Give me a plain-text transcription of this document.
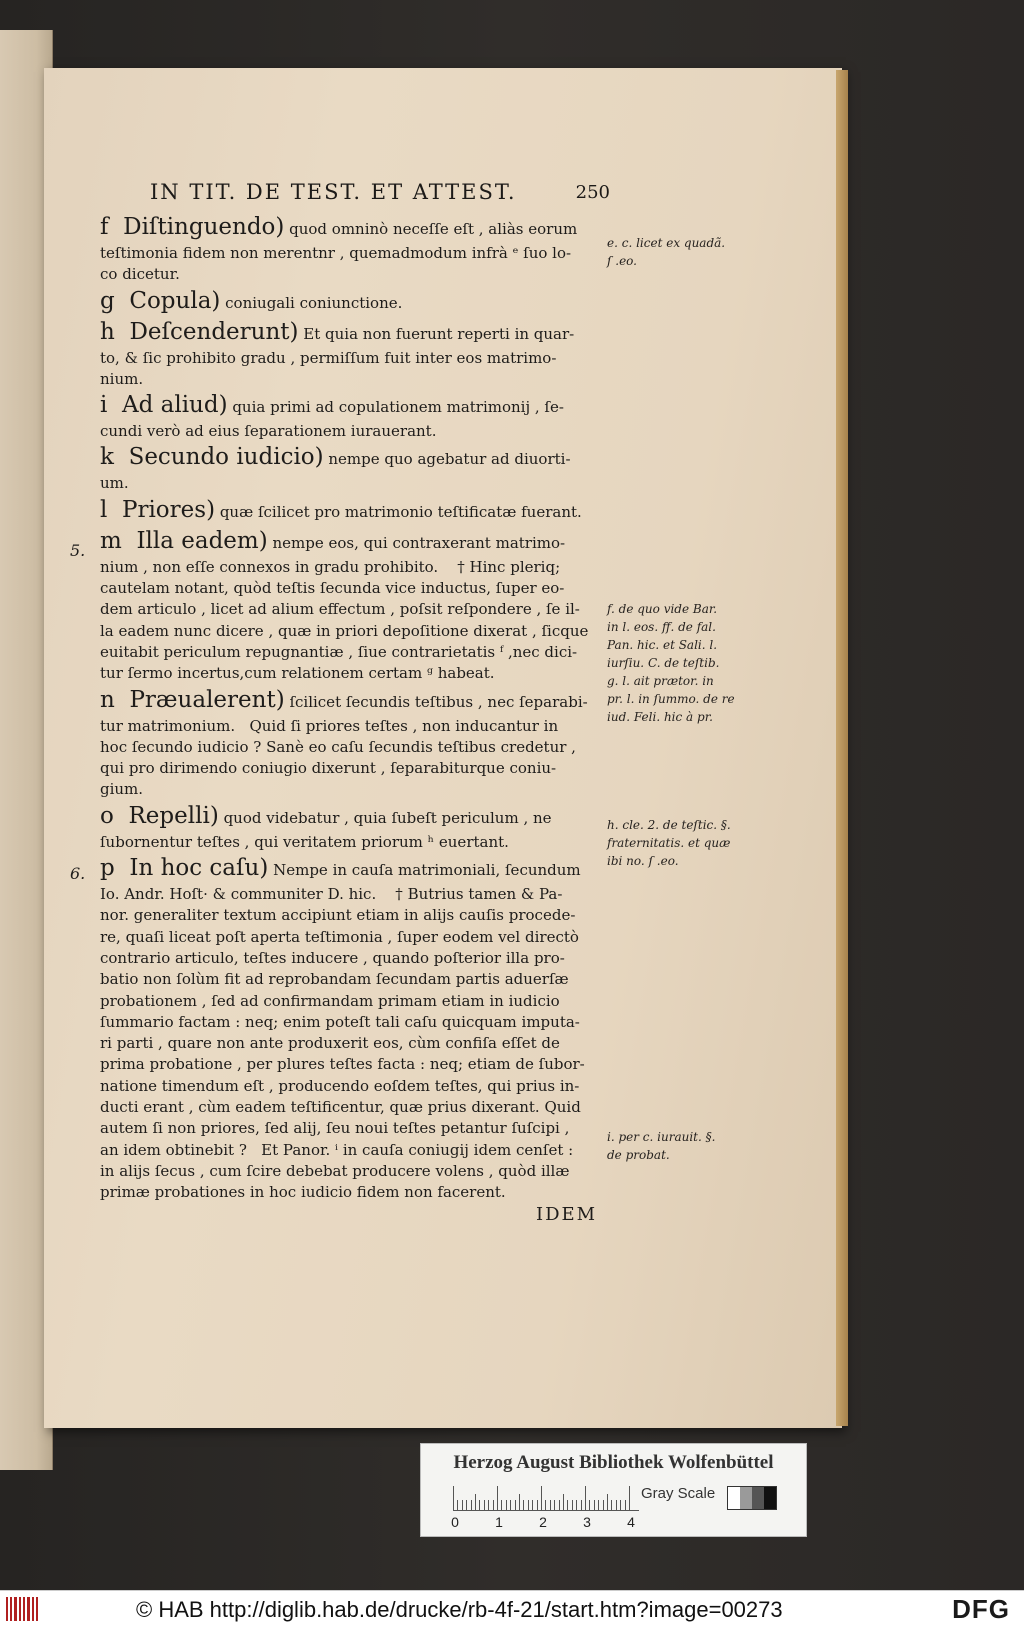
IN TIT. DE TEST. ET ATTEST.	250
f Diſtinguendo) quod omninò neceſſe eſt , aliàs eorum
teſtimonia fidem non merentnr , quemadmodum infrà ᵉ ſuo lo-
co dicetur.
g Copula) coniugali coniunctione.
h Deſcenderunt) Et quia non fuerunt reperti in quar-
to, & ſic prohibito gradu , permiſſum fuit inter eos matrimo-
nium.
i Ad aliud) quia primi ad copulationem matrimonij , ſe-
cundi verò ad eius ſeparationem iurauerant.
k Secundo iudicio) nempe quo agebatur ad diuorti-
um.
l Priores) quæ ſcilicet pro matrimonio teſtificatæ fuerant.
m Illa eadem) nempe eos, qui contraxerant matrimo-
nium , non eſſe connexos in gradu prohibito.    † Hinc pleriq;
cautelam notant, quòd teſtis ſecunda vice inductus, ſuper eo-
dem articulo , licet ad alium effectum , poſsit reſpondere , ſe il-
la eadem nunc dicere , quæ in priori depoſitione dixerat , ſicque
euitabit periculum repugnantiæ , ſiue contrarietatis ᶠ ,nec dici-
tur ſermo incertus,cum relationem certam ᵍ habeat.
n Præualerent) ſcilicet ſecundis teſtibus , nec ſeparabi-
tur matrimonium.   Quid ſi priores teſtes , non inducantur in
hoc ſecundo iudicio ? Sanè eo caſu ſecundis teſtibus credetur ,
qui pro dirimendo coniugio dixerunt , ſeparabiturque coniu-
gium.
o Repelli) quod videbatur , quia ſubeſt periculum , ne
ſubornentur teſtes , qui veritatem priorum ʰ euertant.
p In hoc caſu) Nempe in cauſa matrimoniali, ſecundum
Io. Andr. Hoſt· & communiter D. hic.    † Butrius tamen & Pa-
nor. generaliter textum accipiunt etiam in alijs cauſis procede-
re, quaſi liceat poſt aperta teſtimonia , ſuper eodem vel directò
contrario articulo, teſtes inducere , quando poſterior illa pro-
batio non ſolùm fit ad reprobandam ſecundam partis aduerſæ
probationem , ſed ad confirmandam primam etiam in iudicio
ſummario factam : neq; enim poteſt tali caſu quicquam imputa-
ri parti , quare non ante produxerit eos, cùm confiſa eſſet de
prima probatione , per plures teſtes facta : neq; etiam de ſubor-
natione timendum eſt , producendo eoſdem teſtes, qui prius in-
ducti erant , cùm eadem teſtificentur, quæ prius dixerant. Quid
autem ſi non priores, ſed alij, ſeu noui teſtes petantur ſuſcipi ,
an idem obtinebit ?   Et Panor. ⁱ in cauſa coniugij idem cenſet :
in alijs ſecus , cum ſcire debebat producere volens , quòd illæ
primæ probationes in hoc iudicio fidem non facerent.
5.
6.
e. c. licet ex quadã.
ſ .eo.
f. de quo vide Bar.
in l. eos. ff. de fal.
Pan. hic. et Sali. l.
iurſiu. C. de teſtib.
g. l. ait prætor. in
pr. l. in ſummo. de re
iud. Feli. hic à pr.
h. cle. 2. de teſtic. §.
fraternitatis. et quæ
ibi no. ſ .eo.
i. per c. iurauit. §.
de probat.
IDEM
Herzog August Bibliothek Wolfenbüttel
0	1	2	3	4
Gray Scale
© HAB http://diglib.hab.de/drucke/rb-4f-21/start.htm?image=00273	DFG
